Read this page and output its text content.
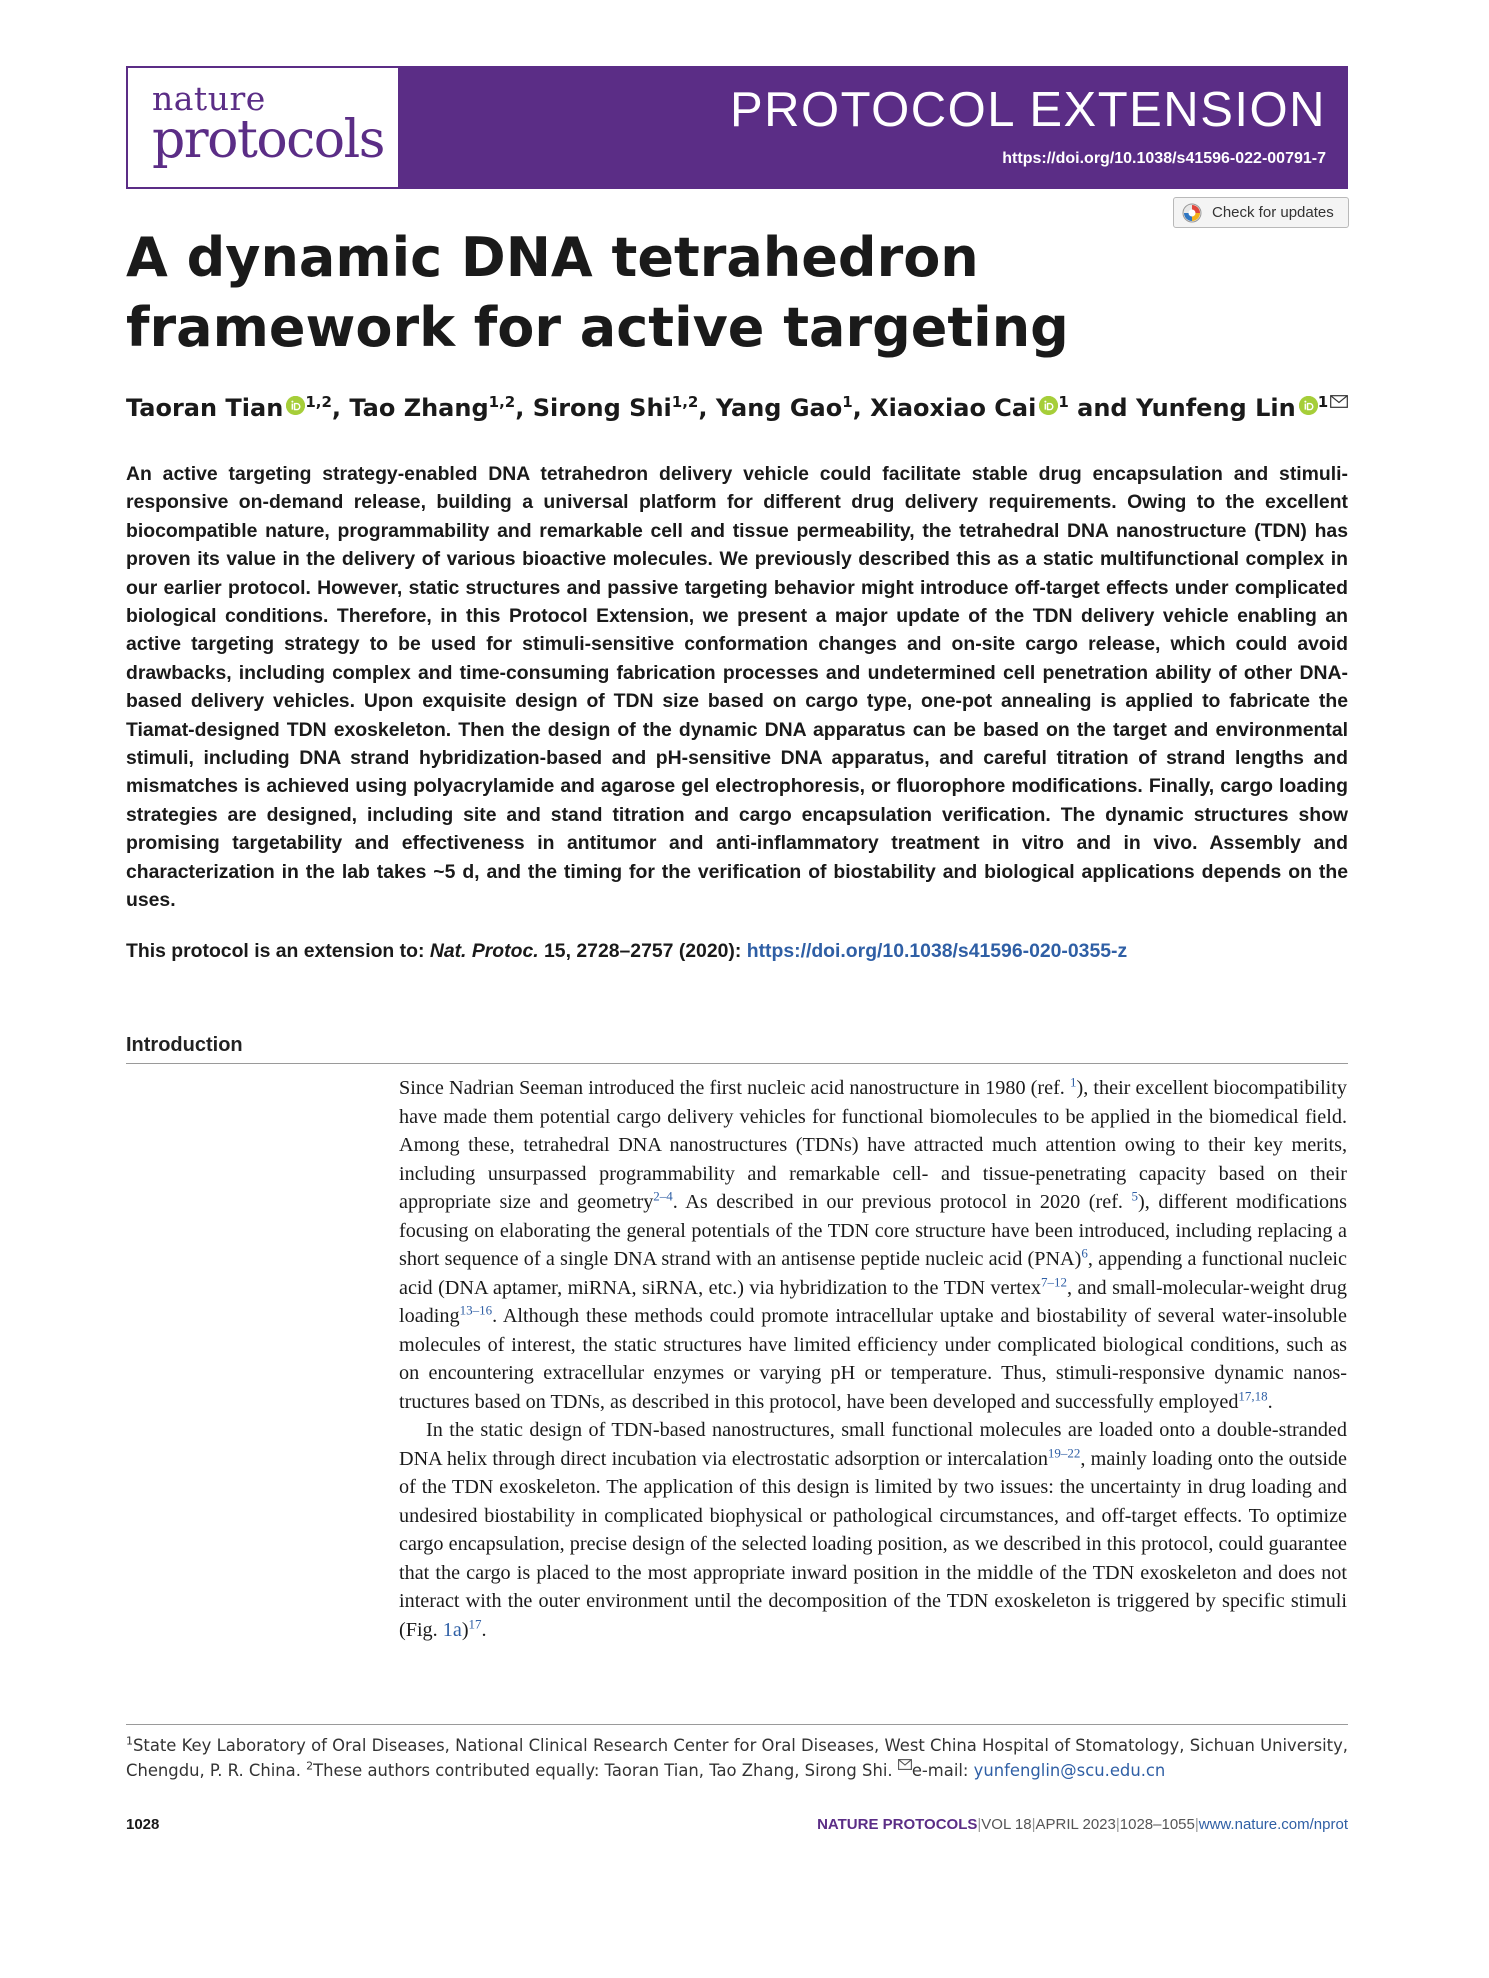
nature
protocols	PROTOCOL EXTENSION
https://doi.org/10.1038/s41596-022-00791-7
Check for updates
A dynamic DNA tetrahedron framework for active targeting
Taoran Tian $^{1,2}$, Tao Zhang$^{1,2}$, Sirong Shi$^{1,2}$, Yang Gao$^1$, Xiaoxiao Cai $^1$ and Yunfeng Lin $^1$

An active targeting strategy-enabled DNA tetrahedron delivery vehicle could facilitate stable drug encapsulation and stimuli-responsive on-demand release, building a universal platform for different drug delivery requirements. Owing to the excellent biocompatible nature, programmability and remarkable cell and tissue permeability, the tetrahedral DNA nanostructure (TDN) has proven its value in the delivery of various bioactive molecules. We previously described this as a static multifunctional complex in our earlier protocol. However, static structures and passive targeting behavior might introduce off-target effects under complicated biological conditions. Therefore, in this Protocol Extension, we present a major update of the TDN delivery vehicle enabling an active targeting strategy to be used for stimuli-sensitive conformation changes and on-site cargo release, which could avoid drawbacks, including complex and time-consuming fabrication processes and undetermined cell penetration ability of other DNA-based delivery vehicles. Upon exquisite design of TDN size based on cargo type, one-pot annealing is applied to fabricate the Tiamat-designed TDN exoskeleton. Then the design of the dynamic DNA apparatus can be based on the target and environmental stimuli, including DNA strand hybridization-based and pH-sensitive DNA apparatus, and careful titration of strand lengths and mismatches is achieved using polyacrylamide and agarose gel electrophoresis, or fluorophore modifications. Finally, cargo loading strategies are designed, including site and stand titration and cargo encapsulation verification. The dynamic structures show promising targetability and effectiveness in antitumor and anti-inflammatory treatment in vitro and in vivo. Assembly and characterization in the lab takes ~5 d, and the timing for the verification of biostability and biological applications depends on the uses.

This protocol is an extension to: Nat. Protoc. 15, 2728–2757 (2020): https://doi.org/10.1038/s41596-020-0355-z
Introduction

Since Nadrian Seeman introduced the first nucleic acid nanostructure in 1980 (ref. $^1$), their excellent biocompatibility have made them potential cargo delivery vehicles for functional biomolecules to be applied in the biomedical field. Among these, tetrahedral DNA nanostructures (TDNs) have attracted much attention owing to their key merits, including unsurpassed programmability and remarkable cell- and tissue-penetrating capacity based on their appropriate size and geometry$^{2-4}$. As described in our previous protocol in 2020 (ref. $^5$), different modifications focusing on elaborating the general potentials of the TDN core structure have been introduced, including replacing a short sequence of a single DNA strand with an antisense peptide nucleic acid (PNA)$^6$, appending a functional nucleic acid (DNA aptamer, miRNA, siRNA, etc.) via hybridization to the TDN vertex$^{7-12}$, and small-molecular-weight drug loading$^{13-16}$. Although these methods could promote intracellular uptake and biostability of several water-insoluble molecules of interest, the static structures have limited efficiency under complicated biological conditions, such as on encountering extracellular enzymes or varying pH or temperature. Thus, stimuli-responsive dynamic nanostructures based on TDNs, as described in this protocol, have been developed and successfully employed$^{17,18}$.

In the static design of TDN-based nanostructures, small functional molecules are loaded onto a double-stranded DNA helix through direct incubation via electrostatic adsorption or intercalation$^{19-22}$, mainly loading onto the outside of the TDN exoskeleton. The application of this design is limited by two issues: the uncertainty in drug loading and undesired biostability in complicated biophysical or pathological circumstances, and off-target effects. To optimize cargo encapsulation, precise design of the selected loading position, as we described in this protocol, could guarantee that the cargo is placed to the most appropriate inward position in the middle of the TDN exoskeleton and does not interact with the outer environment until the decomposition of the TDN exoskeleton is triggered by specific stimuli (Fig. 1a)$^{17}$.

$^1$State Key Laboratory of Oral Diseases, National Clinical Research Center for Oral Diseases, West China Hospital of Stomatology, Sichuan University, Chengdu, P. R. China. $^2$These authors contributed equally: Taoran Tian, Tao Zhang, Sirong Shi. e-mail: yunfenglin@scu.edu.cn
1028	NATURE PROTOCOLS|VOL 18|APRIL 2023|1028–1055|www.nature.com/nprot
